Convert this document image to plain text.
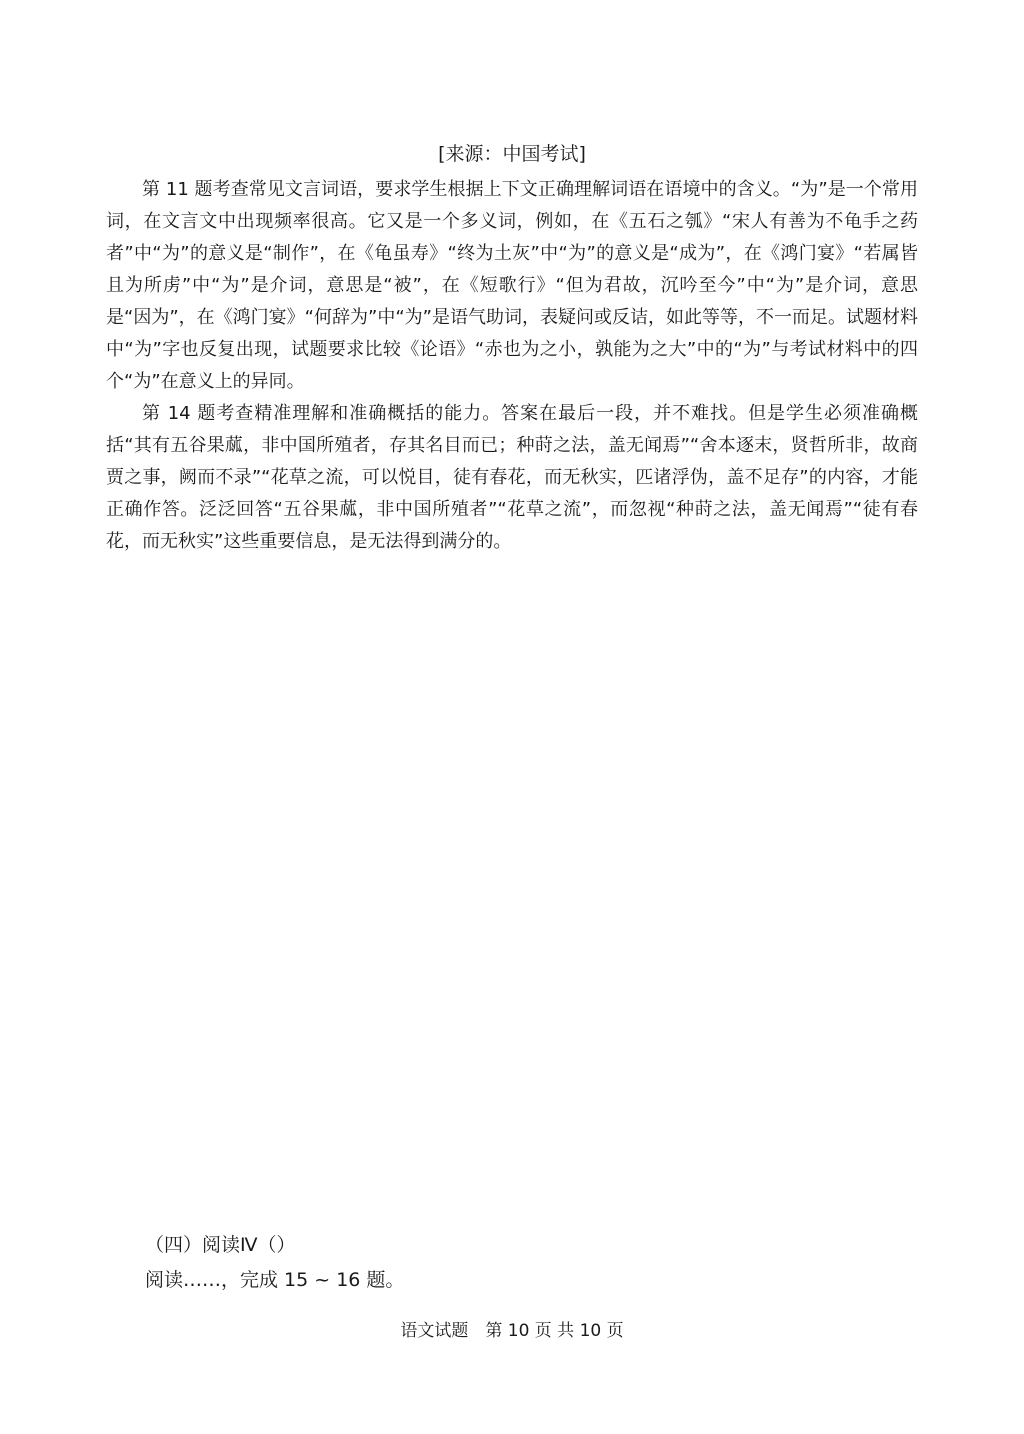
[来源：中国考试]

第 11 题考查常见文言词语，要求学生根据上下文正确理解词语在语境中的含义。“为”是一个常用词，在文言文中出现频率很高。它又是一个多义词，例如，在《五石之瓠》“宋人有善为不龟手之药者”中“为”的意义是“制作”，在《龟虽寿》“终为土灰”中“为”的意义是“成为”，在《鸿门宴》“若属皆且为所虏”中“为”是介词，意思是“被”，在《短歌行》“但为君故，沉吟至今”中“为”是介词，意思是“因为”，在《鸿门宴》“何辞为”中“为”是语气助词，表疑问或反诘，如此等等，不一而足。试题材料中“为”字也反复出现，试题要求比较《论语》“赤也为之小，孰能为之大”中的“为”与考试材料中的四个“为”在意义上的异同。

第 14 题考查精准理解和准确概括的能力。答案在最后一段，并不难找。但是学生必须准确概括“其有五谷果蓏，非中国所殖者，存其名目而已；种莳之法，盖无闻焉”“舍本逐末，贤哲所非，故商贾之事，阙而不录”“花草之流，可以悦目，徒有春花，而无秋实，匹诸浮伪，盖不足存”的内容，才能正确作答。泛泛回答“五谷果蓏，非中国所殖者”“花草之流”，而忽视“种莳之法，盖无闻焉”“徒有春花，而无秋实”这些重要信息，是无法得到满分的。

（四）阅读Ⅳ（）
阅读……，完成 15 ~ 16 题。
语文试题　第 10 页 共 10 页
